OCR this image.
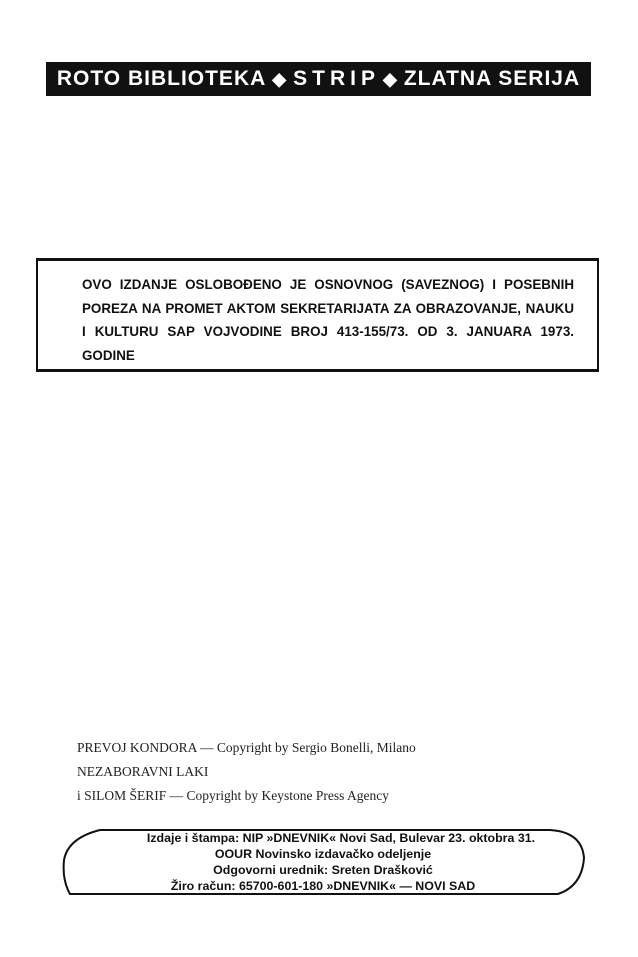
ROTO BIBLIOTEKA ◆ STRIP ◆ ZLATNA SERIJA

OVO IZDANJE OSLOBOĐENO JE OSNOVNOG (SAVEZNOG) I POSEBNIH POREZA NA PROMET AKTOM SEKRETARIJATA ZA OBRAZOVANJE, NAUKU I KULTURU SAP VOJVODINE BROJ 413-155/73. OD 3. JANUARA 1973. GODINE

PREVOJ KONDORA — Copyright by Sergio Bonelli, Milano
NEZABORAVNI LAKI
i SILOM ŠERIF — Copyright by Keystone Press Agency
Izdaje i štampa: NIP »DNEVNIK« Novi Sad, Bulevar 23. oktobra 31.
OOUR Novinsko izdavačko odeljenje
Odgovorni urednik: Sreten Drašković
Žiro račun: 65700-601-180 »DNEVNIK« — NOVI SAD
